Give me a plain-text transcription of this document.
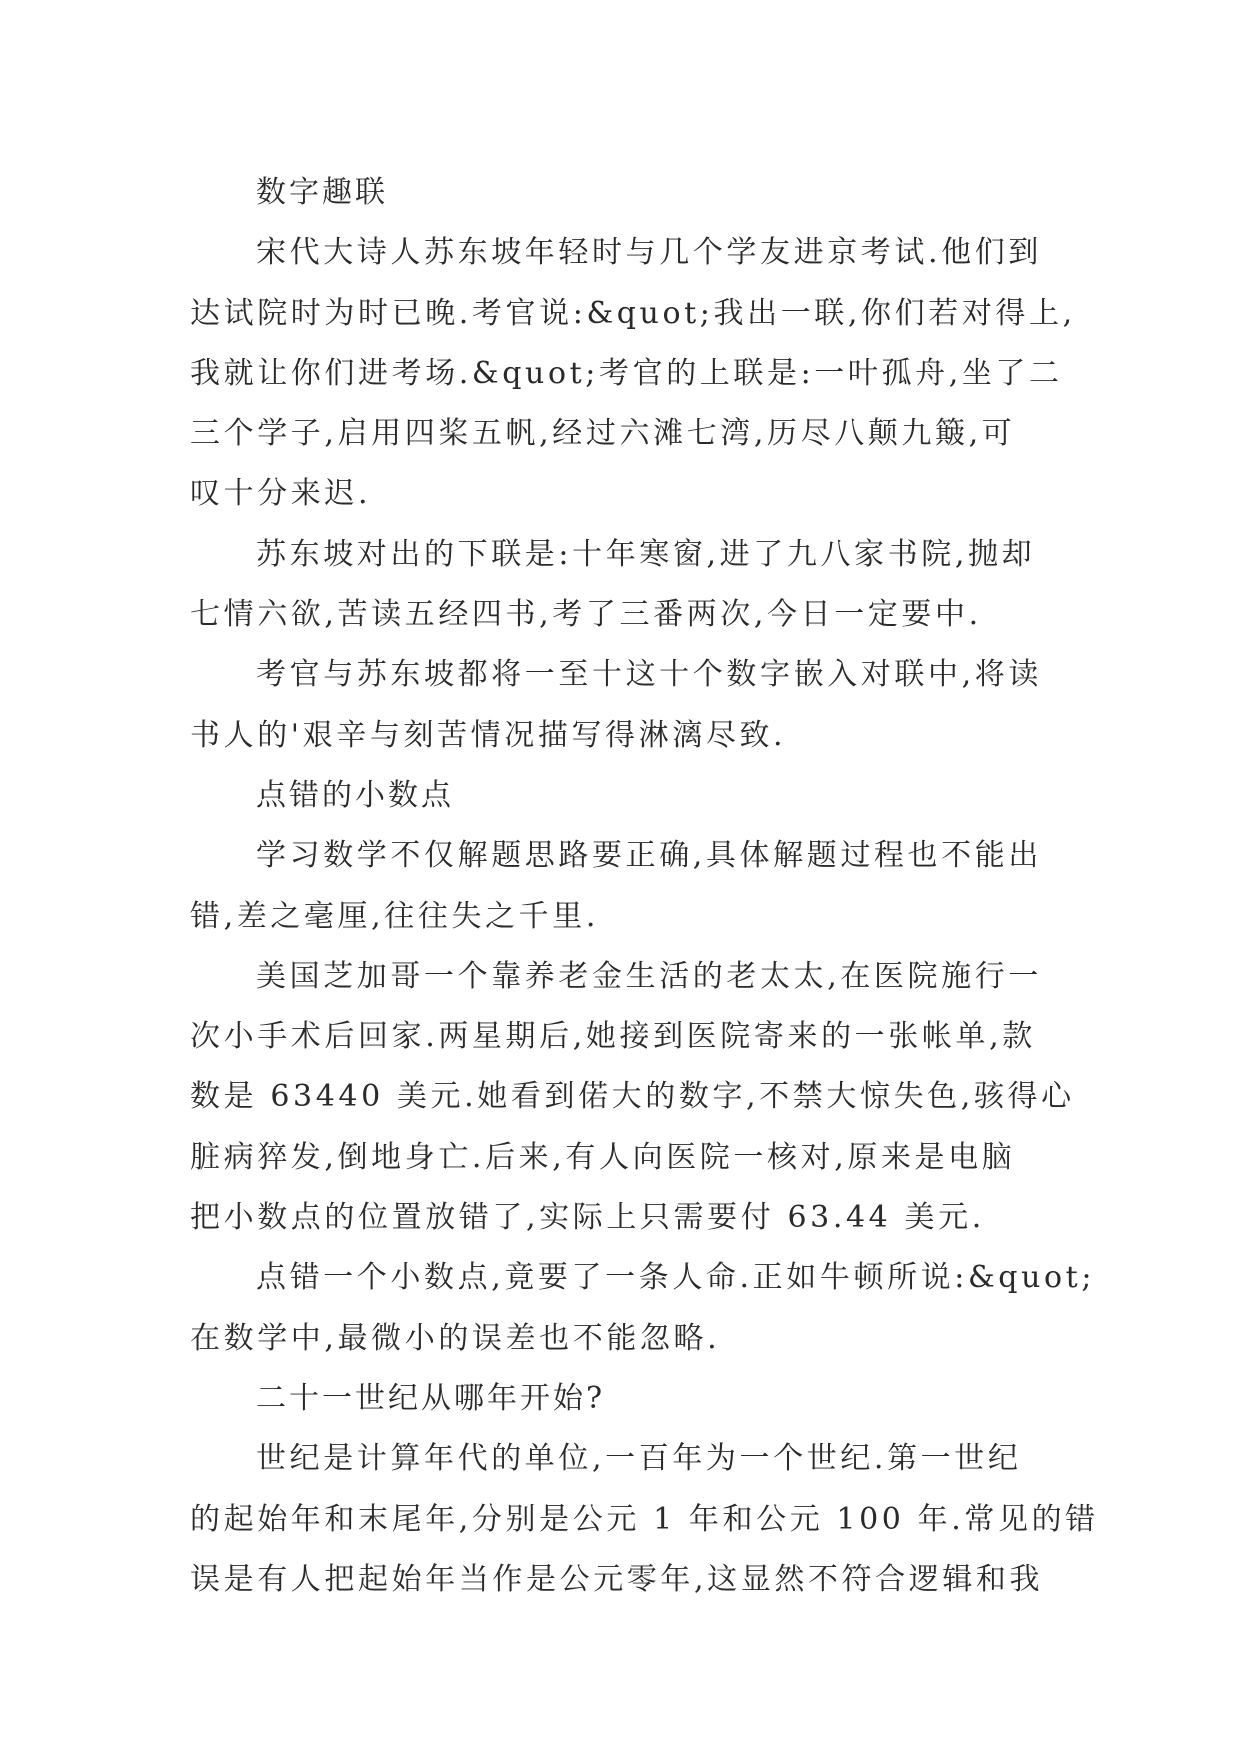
数字趣联
宋代大诗人苏东坡年轻时与几个学友进京考试.他们到
达试院时为时已晚.考官说:&quot;我出一联,你们若对得上,
我就让你们进考场.&quot;考官的上联是:一叶孤舟,坐了二
三个学子,启用四桨五帆,经过六滩七湾,历尽八颠九簸,可
叹十分来迟.
苏东坡对出的下联是:十年寒窗,进了九八家书院,抛却
七情六欲,苦读五经四书,考了三番两次,今日一定要中.
考官与苏东坡都将一至十这十个数字嵌入对联中,将读
书人的'艰辛与刻苦情况描写得淋漓尽致.
点错的小数点
学习数学不仅解题思路要正确,具体解题过程也不能出
错,差之毫厘,往往失之千里.
美国芝加哥一个靠养老金生活的老太太,在医院施行一
次小手术后回家.两星期后,她接到医院寄来的一张帐单,款
数是 63440 美元.她看到偌大的数字,不禁大惊失色,骇得心
脏病猝发,倒地身亡.后来,有人向医院一核对,原来是电脑
把小数点的位置放错了,实际上只需要付 63.44 美元.
点错一个小数点,竟要了一条人命.正如牛顿所说:&quot;
在数学中,最微小的误差也不能忽略.
二十一世纪从哪年开始?
世纪是计算年代的单位,一百年为一个世纪.第一世纪
的起始年和末尾年,分别是公元 1 年和公元 100 年.常见的错
误是有人把起始年当作是公元零年,这显然不符合逻辑和我
